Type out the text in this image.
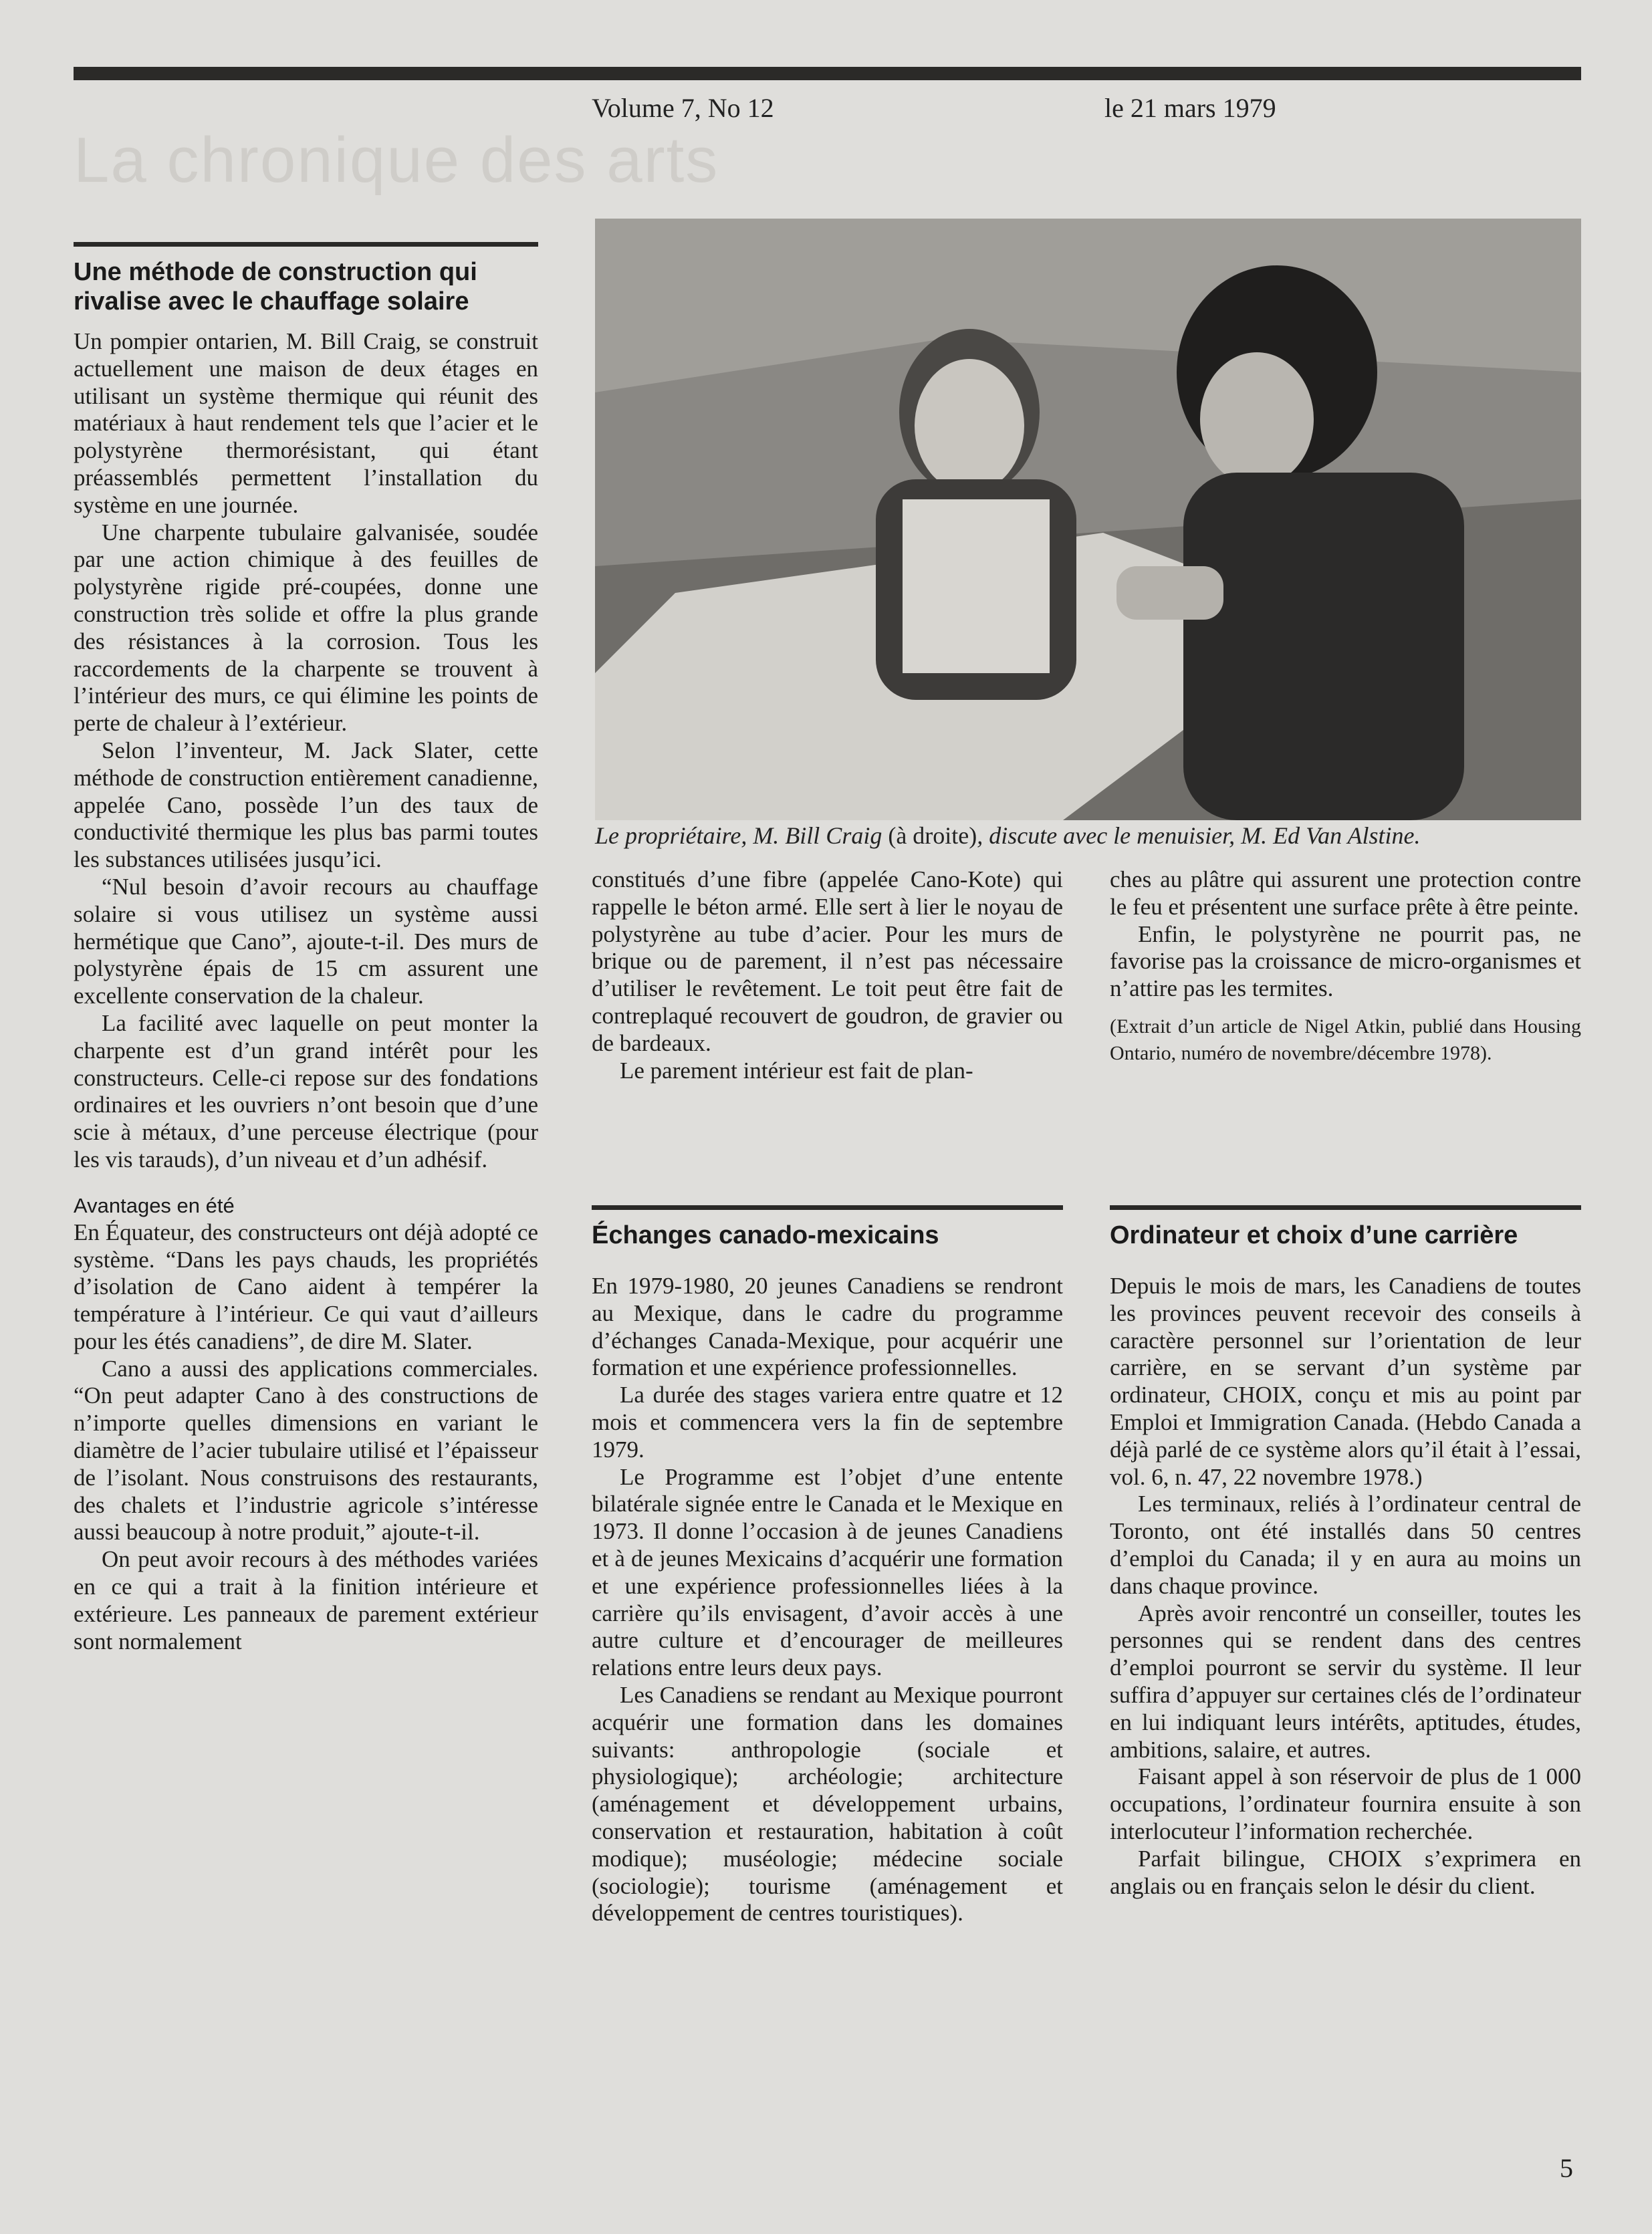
La chronique des arts
Volume 7, No 12	le 21 mars 1979
Une méthode de construction qui rivalise avec le chauffage solaire

Un pompier ontarien, M. Bill Craig, se construit actuellement une maison de deux étages en utilisant un système thermique qui réunit des matériaux à haut rendement tels que l’acier et le polystyrène thermorésistant, qui étant préassemblés permettent l’installation du système en une journée.

Une charpente tubulaire galvanisée, soudée par une action chimique à des feuilles de polystyrène rigide pré-coupées, donne une construction très solide et offre la plus grande des résistances à la corrosion. Tous les raccordements de la charpente se trouvent à l’intérieur des murs, ce qui élimine les points de perte de chaleur à l’extérieur.

Selon l’inventeur, M. Jack Slater, cette méthode de construction entièrement canadienne, appelée Cano, possède l’un des taux de conductivité thermique les plus bas parmi toutes les substances utilisées jusqu’ici.

“Nul besoin d’avoir recours au chauffage solaire si vous utilisez un système aussi hermétique que Cano”, ajoute-t-il. Des murs de polystyrène épais de 15 cm assurent une excellente conservation de la chaleur.

La facilité avec laquelle on peut monter la charpente est d’un grand intérêt pour les constructeurs. Celle-ci repose sur des fondations ordinaires et les ouvriers n’ont besoin que d’une scie à métaux, d’une perceuse électrique (pour les vis tarauds), d’un niveau et d’un adhésif.

Avantages en été

En Équateur, des constructeurs ont déjà adopté ce système. “Dans les pays chauds, les propriétés d’isolation de Cano aident à tempérer la température à l’intérieur. Ce qui vaut d’ailleurs pour les étés canadiens”, de dire M. Slater.

Cano a aussi des applications commerciales. “On peut adapter Cano à des constructions de n’importe quelles dimensions en variant le diamètre de l’acier tubulaire utilisé et l’épaisseur de l’isolant. Nous construisons des restaurants, des chalets et l’industrie agricole s’intéresse aussi beaucoup à notre produit,” ajoute-t-il.

On peut avoir recours à des méthodes variées en ce qui a trait à la finition intérieure et extérieure. Les panneaux de parement extérieur sont normalement

Le propriétaire, M. Bill Craig (à droite), discute avec le menuisier, M. Ed Van Alstine.

constitués d’une fibre (appelée Cano-Kote) qui rappelle le béton armé. Elle sert à lier le noyau de polystyrène au tube d’acier. Pour les murs de brique ou de parement, il n’est pas nécessaire d’utiliser le revêtement. Le toit peut être fait de contreplaqué recouvert de goudron, de gravier ou de bardeaux.

Le parement intérieur est fait de plan-

ches au plâtre qui assurent une protection contre le feu et présentent une surface prête à être peinte.

Enfin, le polystyrène ne pourrit pas, ne favorise pas la croissance de micro-organismes et n’attire pas les termites.

(Extrait d’un article de Nigel Atkin, publié dans Housing Ontario, numéro de novembre/décembre 1978).

Échanges canado-mexicains

En 1979-1980, 20 jeunes Canadiens se rendront au Mexique, dans le cadre du programme d’échanges Canada-Mexique, pour acquérir une formation et une expérience professionnelles.

La durée des stages variera entre quatre et 12 mois et commencera vers la fin de septembre 1979.

Le Programme est l’objet d’une entente bilatérale signée entre le Canada et le Mexique en 1973. Il donne l’occasion à de jeunes Canadiens et à de jeunes Mexicains d’acquérir une formation et une expérience professionnelles liées à la carrière qu’ils envisagent, d’avoir accès à une autre culture et d’encourager de meilleures relations entre leurs deux pays.

Les Canadiens se rendant au Mexique pourront acquérir une formation dans les domaines suivants: anthropologie (sociale et physiologique); archéologie; architecture (aménagement et développement urbains, conservation et restauration, habitation à coût modique); muséologie; médecine sociale (sociologie); tourisme (aménagement et développement de centres touristiques).

Ordinateur et choix d’une carrière

Depuis le mois de mars, les Canadiens de toutes les provinces peuvent recevoir des conseils à caractère personnel sur l’orientation de leur carrière, en se servant d’un système par ordinateur, CHOIX, conçu et mis au point par Emploi et Immigration Canada. (Hebdo Canada a déjà parlé de ce système alors qu’il était à l’essai, vol. 6, n. 47, 22 novembre 1978.)

Les terminaux, reliés à l’ordinateur central de Toronto, ont été installés dans 50 centres d’emploi du Canada; il y en aura au moins un dans chaque province.

Après avoir rencontré un conseiller, toutes les personnes qui se rendent dans des centres d’emploi pourront se servir du système. Il leur suffira d’appuyer sur certaines clés de l’ordinateur en lui indiquant leurs intérêts, aptitudes, études, ambitions, salaire, et autres.

Faisant appel à son réservoir de plus de 1 000 occupations, l’ordinateur fournira ensuite à son interlocuteur l’information recherchée.

Parfait bilingue, CHOIX s’exprimera en anglais ou en français selon le désir du client.

5
